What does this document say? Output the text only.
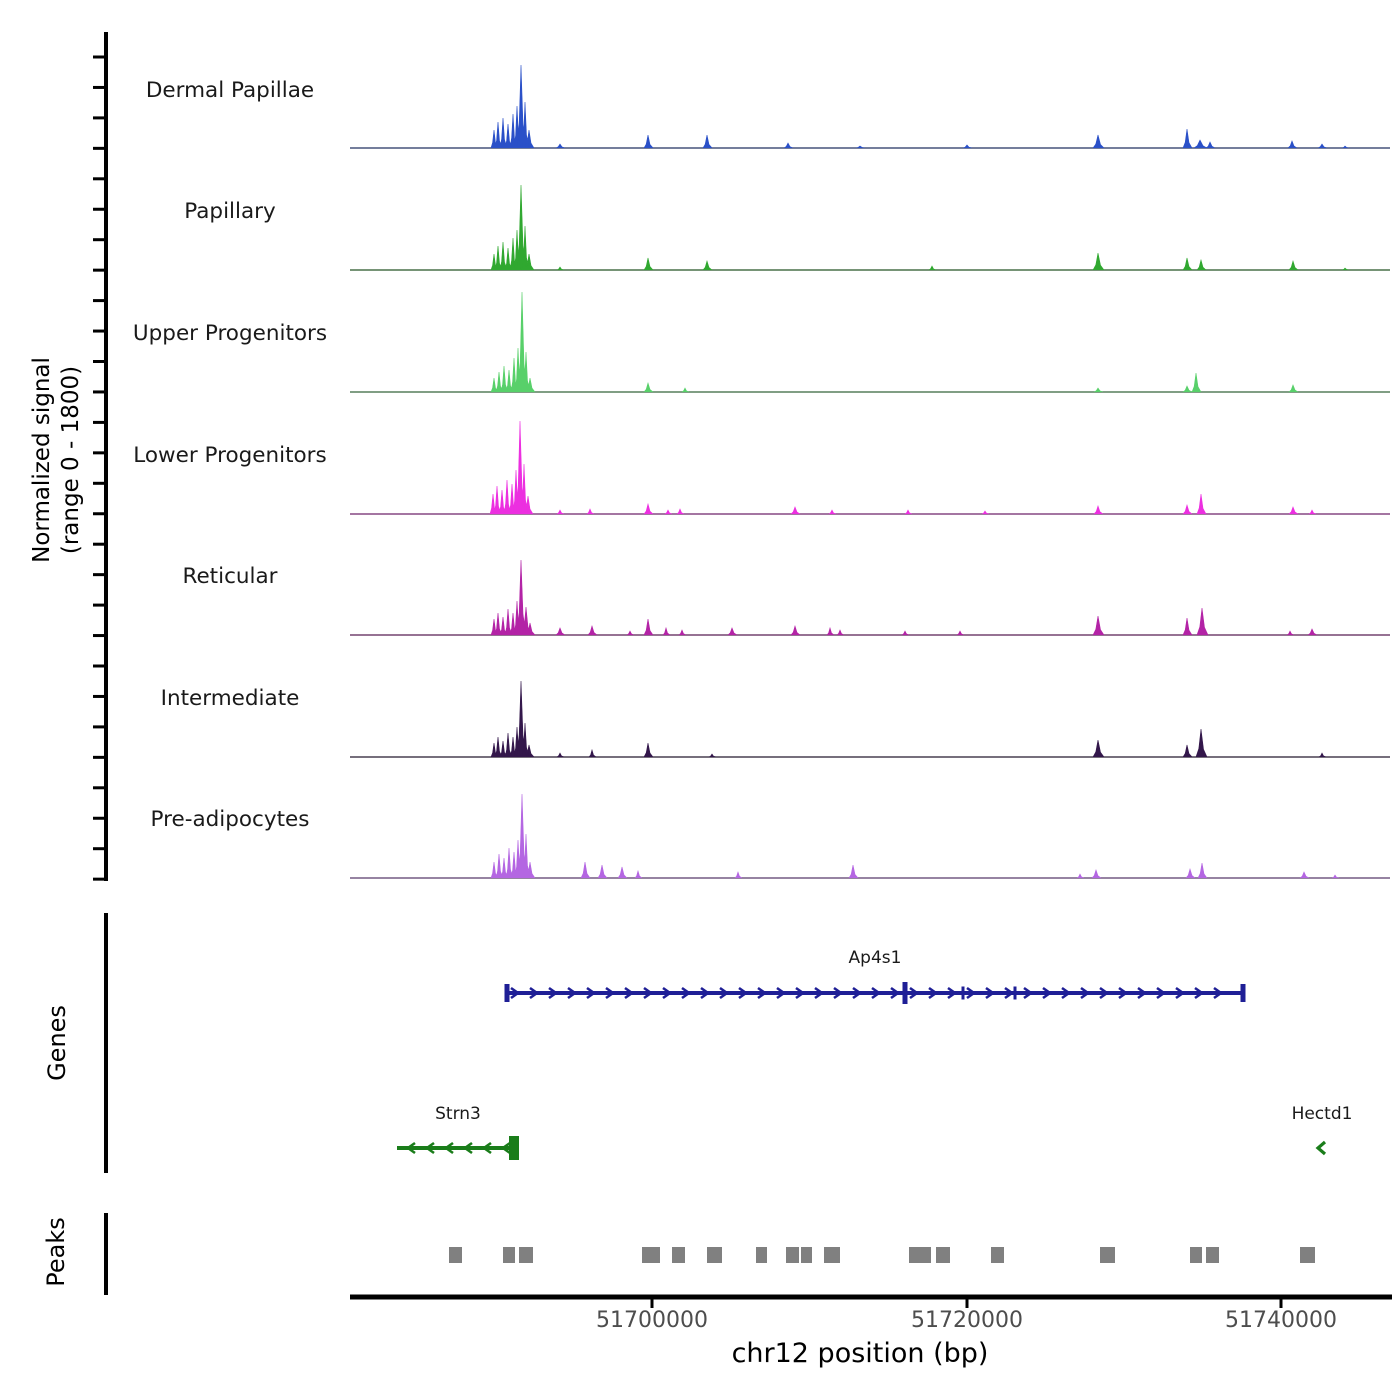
Normalized signal (range 0 - 1800)
Genes
Peaks
chr12 position (bp)
Dermal Papillae
Papillary
Upper Progenitors
Lower Progenitors
Reticular
Intermediate
Pre-adipocytes
Ap4s1
Strn3	Hectd1
51700000	51720000	51740000
